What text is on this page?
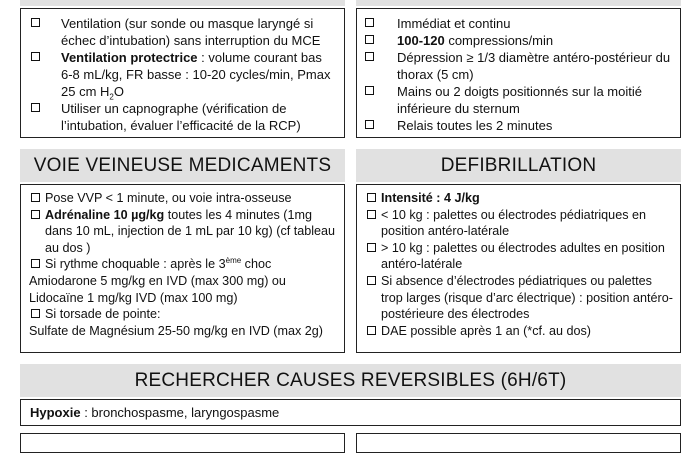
Ventilation (sur sonde ou masque laryngé si échec d’intubation) sans interruption du MCE
Ventilation protectrice : volume courant bas 6-8 mL/kg, FR basse : 10-20 cycles/min, Pmax 25 cm $H_2O$
Utiliser un capnographe (vérification de l’intubation, évaluer l’efficacité de la RCP)
Immédiat et continu
100-120 compressions/min
Dépression ≥ 1/3 diamètre antéro-postérieur du thorax (5 cm)
Mains ou 2 doigts positionnés sur la moitié inférieure du sternum
Relais toutes les 2 minutes
VOIE VEINEUSE MEDICAMENTS
Pose VVP < 1 minute, ou voie intra-osseuse
Adrénaline 10 µg/kg toutes les 4 minutes (1mg dans 10 mL, injection de 1 mL par 10 kg) (cf tableau au dos )
Si rythme choquable : après le 3ème choc
Amiodarone 5 mg/kg en IVD (max 300 mg) ou Lidocaïne 1 mg/kg IVD (max 100 mg)
Si torsade de pointe:
Sulfate de Magnésium 25-50 mg/kg en IVD (max 2g)
DEFIBRILLATION
Intensité : 4 J/kg
< 10 kg : palettes ou électrodes pédiatriques en position antéro-latérale
> 10 kg : palettes ou électrodes adultes en position antéro-latérale
Si absence d’électrodes pédiatriques ou palettes trop larges (risque d’arc électrique) : position antéro-postérieure des électrodes
DAE possible après 1 an (*cf. au dos)
RECHERCHER CAUSES REVERSIBLES (6H/6T)
Hypoxie : bronchospasme, laryngospasme
